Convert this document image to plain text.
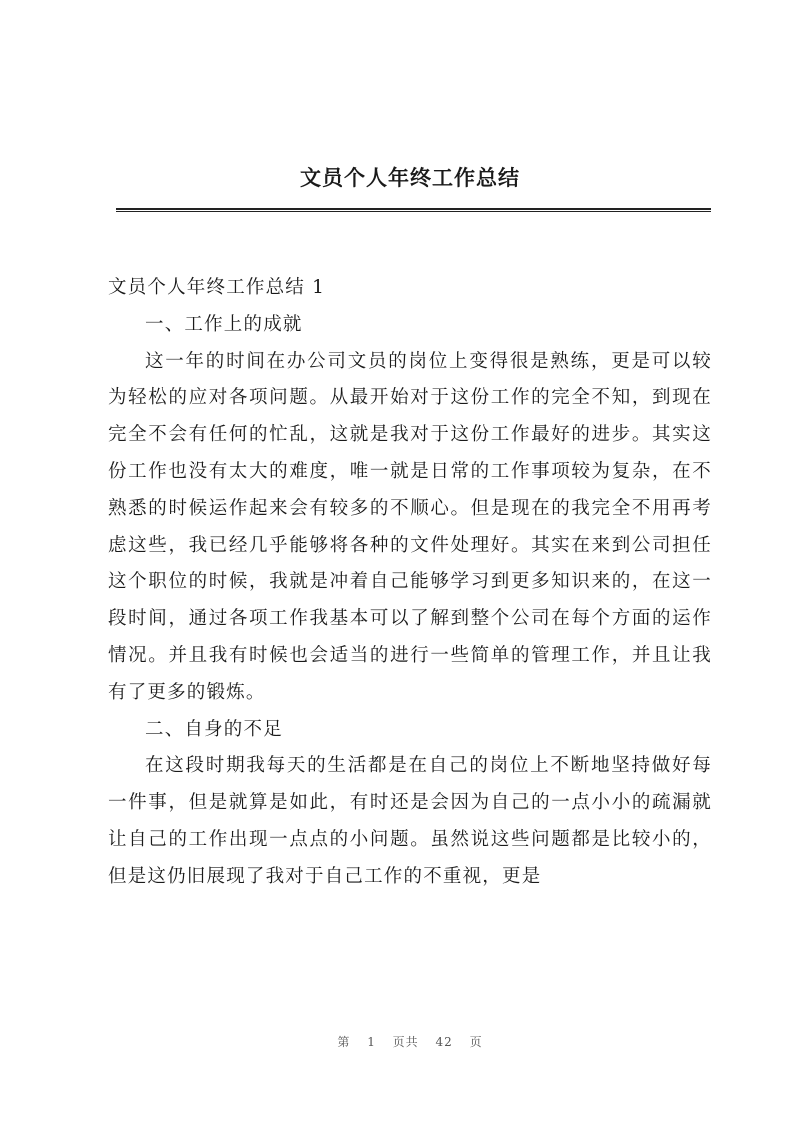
文员个人年终工作总结

文员个人年终工作总结 1

一、工作上的成就

这一年的时间在办公司文员的岗位上变得很是熟练，更是可以较为轻松的应对各项问题。从最开始对于这份工作的完全不知，到现在完全不会有任何的忙乱，这就是我对于这份工作最好的进步。其实这份工作也没有太大的难度，唯一就是日常的工作事项较为复杂，在不熟悉的时候运作起来会有较多的不顺心。但是现在的我完全不用再考虑这些，我已经几乎能够将各种的文件处理好。其实在来到公司担任这个职位的时候，我就是冲着自己能够学习到更多知识来的，在这一段时间，通过各项工作我基本可以了解到整个公司在每个方面的运作情况。并且我有时候也会适当的进行一些简单的管理工作，并且让我有了更多的锻炼。

二、自身的不足

在这段时期我每天的生活都是在自己的岗位上不断地坚持做好每一件事，但是就算是如此，有时还是会因为自己的一点小小的疏漏就让自己的工作出现一点点的小问题。虽然说这些问题都是比较小的，但是这仍旧展现了我对于自己工作的不重视，更是

第 1 页共 42 页
